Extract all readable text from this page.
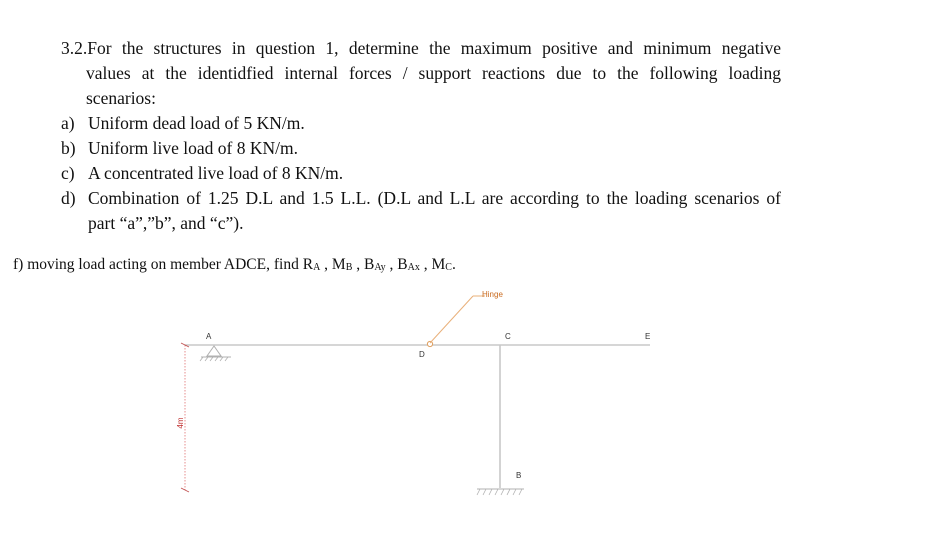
3.2.For the structures in question 1, determine the maximum positive and minimum negative
values at the identidfied internal forces / support reactions due to the following loading
scenarios:
a) Uniform dead load of 5 KN/m.
b) Uniform live load of 8 KN/m.
c) A concentrated live load of 8 KN/m.
d) Combination of 1.25 D.L and 1.5 L.L. (D.L and L.L are according to the loading scenarios of
part “a”,”b”, and “c”).
f) moving load acting on member ADCE, find $R_A$ , $M_B$ , $B_{Ay}$ , $B_{Ax}$ , $M_C$.
Hinge
A
D
C	E
B
4m
